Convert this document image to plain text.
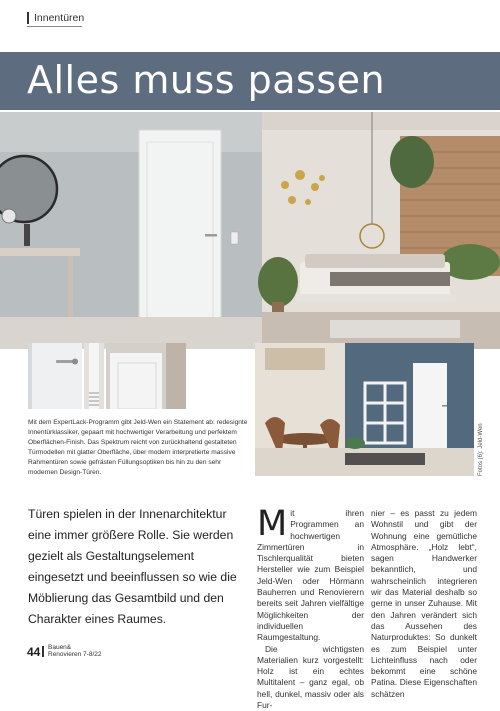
Innentüren
Alles muss passen
Fotos (6): Jeld-Wen
Mit dem ExpertLack-Programm gibt Jeld-Wen ein Statement ab: redesignte Innentürklassiker, gepaart mit hochwertiger Verarbeitung und perfektem Oberflächen-Finish. Das Spektrum reicht von zurückhaltend gestalteten Türmodellen mit glatter Oberfläche, über modern interpretierte massive Rahmentüren sowie gefrästen Füllungsoptiken bis hin zu den sehr modernen Design-Türen.
Türen spielen in der Innenarchitektur eine immer größere Rolle. Sie werden gezielt als Gestaltungselement eingesetzt und beeinflussen so wie die Möblierung das Gesamtbild und den Charakter eines Raumes.
M it ihren Programmen an hochwertigen Zimmertüren in Tischlerqualität bieten Hersteller wie zum Beispiel Jeld-Wen oder Hörmann Bauherren und Renovierern bereits seit Jahren vielfältige Möglichkeiten der individuellen Raumgestaltung.

Die wichtigsten Materialien kurz vorgestellt: Holz ist ein echtes Multitalent – ganz egal, ob hell, dunkel, massiv oder als Fur-

nier – es passt zu jedem Wohnstil und gibt der Wohnung eine gemütliche Atmosphäre. „Holz lebt“, sagen Handwerker bekanntlich, und wahrscheinlich integrieren wir das Material deshalb so gerne in unser Zuhause. Mit den Jahren verändert sich das Aussehen des Naturproduktes: So dunkelt es zum Beispiel unter Lichteinfluss nach oder bekommt eine schöne Patina. Diese Eigenschaften schätzen

44 Bauen&
Renovieren 7-8/22
